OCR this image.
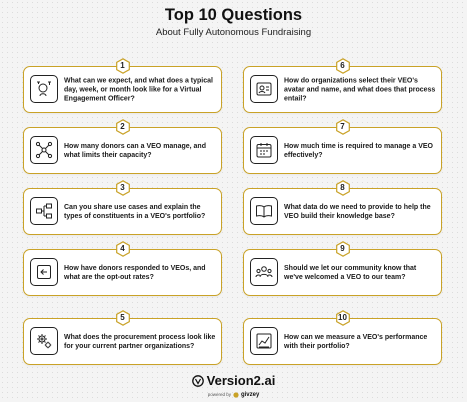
Top 10 Questions
About Fully Autonomous Fundraising
1
What can we expect, and what does a typical day, week, or month look like for a Virtual Engagement Officer?
6
How do organizations select their VEO's avatar and name, and what does that process entail?
2
How many donors can a VEO manage, and what limits their capacity?
7
How much time is required to manage a VEO effectively?
3
Can you share use cases and explain the types of constituents in a VEO's portfolio?
8
What data do we need to provide to help the VEO build their knowledge base?
4
How have donors responded to VEOs, and what are the opt-out rates?
9
Should we let our community know that we've welcomed a VEO to our team?
5
What does the procurement process look like for your current partner organizations?
10
How can we measure a VEO's performance with their portfolio?
Version2.ai
powered by givzey
